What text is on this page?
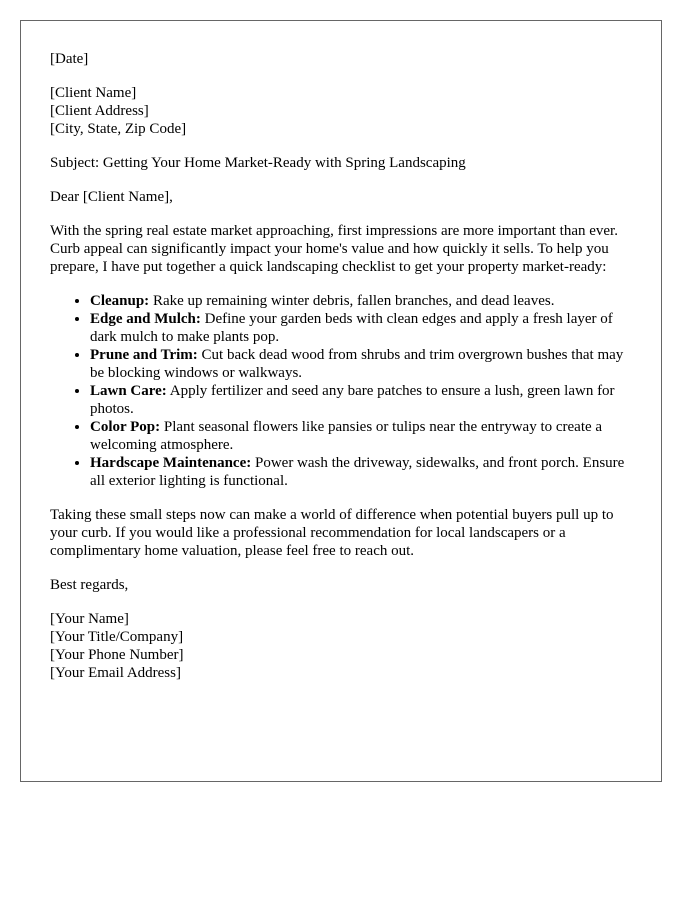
[Date]

[Client Name]

[Client Address]

[City, State, Zip Code]

Subject: Getting Your Home Market-Ready with Spring Landscaping

Dear [Client Name],

With the spring real estate market approaching, first impressions are more important than ever. Curb appeal can significantly impact your home's value and how quickly it sells. To help you prepare, I have put together a quick landscaping checklist to get your property market-ready:

• Cleanup: Rake up remaining winter debris, fallen branches, and dead leaves.
• Edge and Mulch: Define your garden beds with clean edges and apply a fresh layer of dark mulch to make plants pop.
• Prune and Trim: Cut back dead wood from shrubs and trim overgrown bushes that may be blocking windows or walkways.
• Lawn Care: Apply fertilizer and seed any bare patches to ensure a lush, green lawn for photos.
• Color Pop: Plant seasonal flowers like pansies or tulips near the entryway to create a welcoming atmosphere.
• Hardscape Maintenance: Power wash the driveway, sidewalks, and front porch. Ensure all exterior lighting is functional.

Taking these small steps now can make a world of difference when potential buyers pull up to your curb. If you would like a professional recommendation for local landscapers or a complimentary home valuation, please feel free to reach out.

Best regards,

[Your Name]

[Your Title/Company]

[Your Phone Number]

[Your Email Address]
